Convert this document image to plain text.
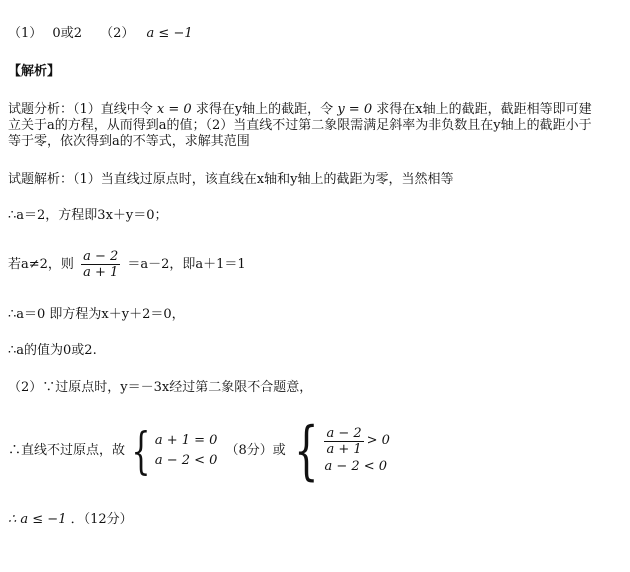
（1） 0或2 （2） a ≤ −1
【解析】
试题分析：（1）直线中令 x = 0 求得在y轴上的截距，令 y = 0 求得在x轴上的截距，截距相等即可建
立关于a的方程，从而得到a的值；（2）当直线不过第二象限需满足斜率为非负数且在y轴上的截距小于
等于零，依次得到a的不等式，求解其范围
试题解析：（1）当直线过原点时，该直线在x轴和y轴上的截距为零，当然相等
∴a＝2，方程即3x＋y＝0；
若a≠2，则 $\frac{a - 2}{a + 1} =a-2$，即a＋1＝1
∴a＝0 即方程为x＋y＋2＝0，
∴a的值为0或2.
（2）∵过原点时，y＝－3x经过第二象限不合题意，
∴直线不过原点，故 { a + 1 = 0
a − 2 < 0
（8分）或 { $\frac{a - 2}{a + 1} > 0$
a − 2 < 0
∴ a ≤ −1 ．（12分）
